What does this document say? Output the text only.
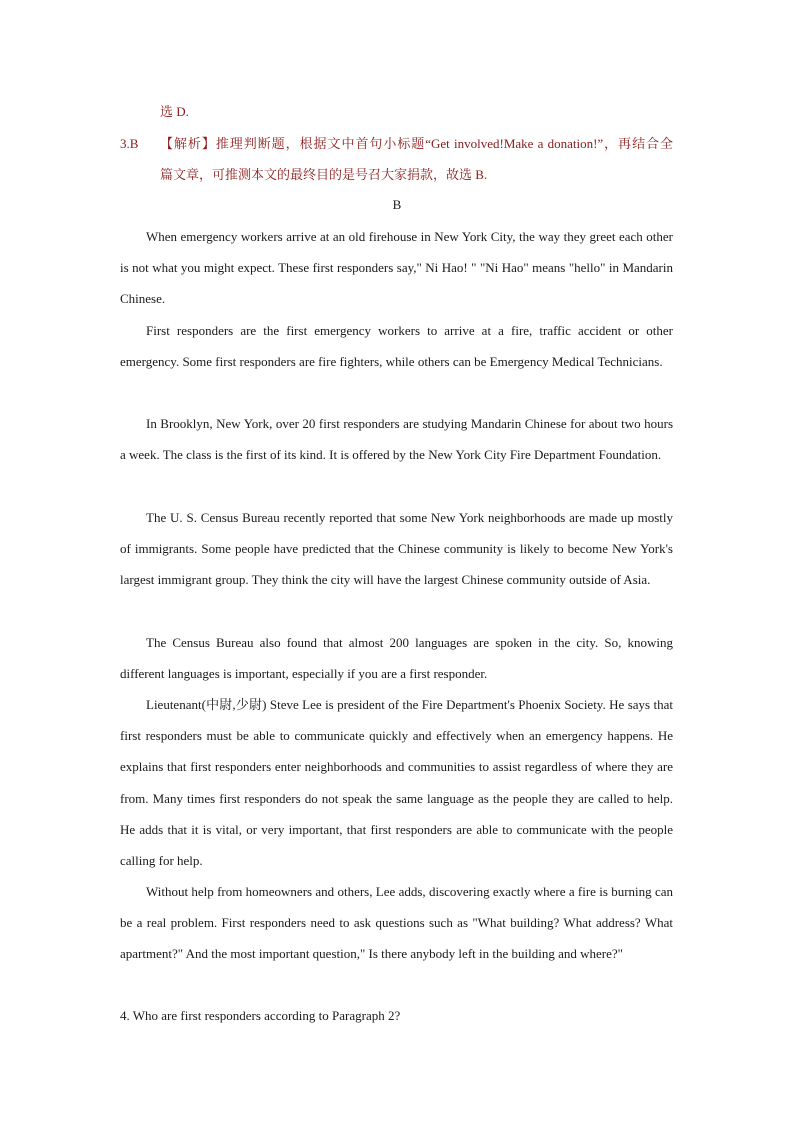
选 D.
3.B 【解析】推理判断题，根据文中首句小标题“Get involved!Make a donation!”，再结合全
篇文章，可推测本文的最终目的是号召大家捐款，故选 B.
B
When emergency workers arrive at an old firehouse in New York City, the way they greet each other is not what you might expect. These first responders say," Ni Hao! " "Ni Hao" means "hello" in Mandarin Chinese.
First responders are the first emergency workers to arrive at a fire, traffic accident or other emergency. Some first responders are fire fighters, while others can be Emergency Medical Technicians.
In Brooklyn, New York, over 20 first responders are studying Mandarin Chinese for about two hours a week. The class is the first of its kind. It is offered by the New York City Fire Department Foundation.
The U. S. Census Bureau recently reported that some New York neighborhoods are made up mostly of immigrants. Some people have predicted that the Chinese community is likely to become New York's largest immigrant group. They think the city will have the largest Chinese community outside of Asia.
The Census Bureau also found that almost 200 languages are spoken in the city. So, knowing different languages is important, especially if you are a first responder.
Lieutenant(中尉,少尉) Steve Lee is president of the Fire Department's Phoenix Society. He says that first responders must be able to communicate quickly and effectively when an emergency happens. He explains that first responders enter neighborhoods and communities to assist regardless of where they are from. Many times first responders do not speak the same language as the people they are called to help. He adds that it is vital, or very important, that first responders are able to communicate with the people calling for help.
Without help from homeowners and others, Lee adds, discovering exactly where a fire is burning can be a real problem. First responders need to ask questions such as "What building? What address? What apartment?" And the most important question," Is there anybody left in the building and where?"
4. Who are first responders according to Paragraph 2?
